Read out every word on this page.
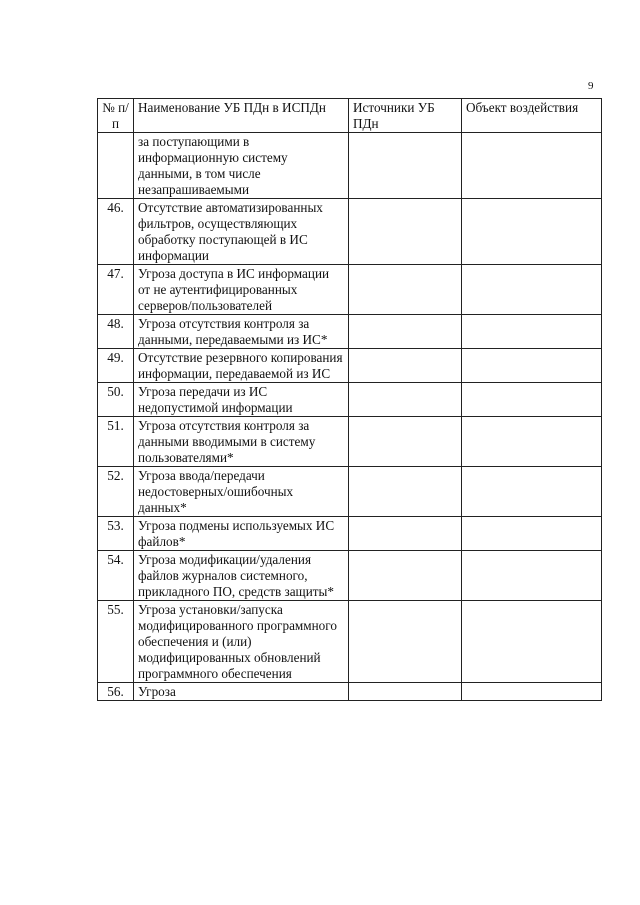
9
№ п/п	Наименование УБ ПДн в ИСПДн	Источники УБ ПДн	Объект воздействия
	за поступающими в информационную систему данными, в том числе незапрашиваемыми		
46.	Отсутствие автоматизированных фильтров, осуществляющих обработку поступающей в ИС информации		
47.	Угроза доступа в ИС информации от не аутентифицированных серверов/пользователей		
48.	Угроза отсутствия контроля за данными, передаваемыми из ИС*		
49.	Отсутствие резервного копирования информации, передаваемой из ИС		
50.	Угроза передачи из ИС недопустимой информации		
51.	Угроза отсутствия контроля за данными вводимыми в систему пользователями*		
52.	Угроза ввода/передачи недостоверных/ошибочных данных*		
53.	Угроза подмены используемых ИС файлов*		
54.	Угроза модификации/удаления файлов журналов системного, прикладного ПО, средств защиты*		
55.	Угроза установки/запуска модифицированного программного обеспечения и (или) модифицированных обновлений программного обеспечения		
56.	Угроза		
